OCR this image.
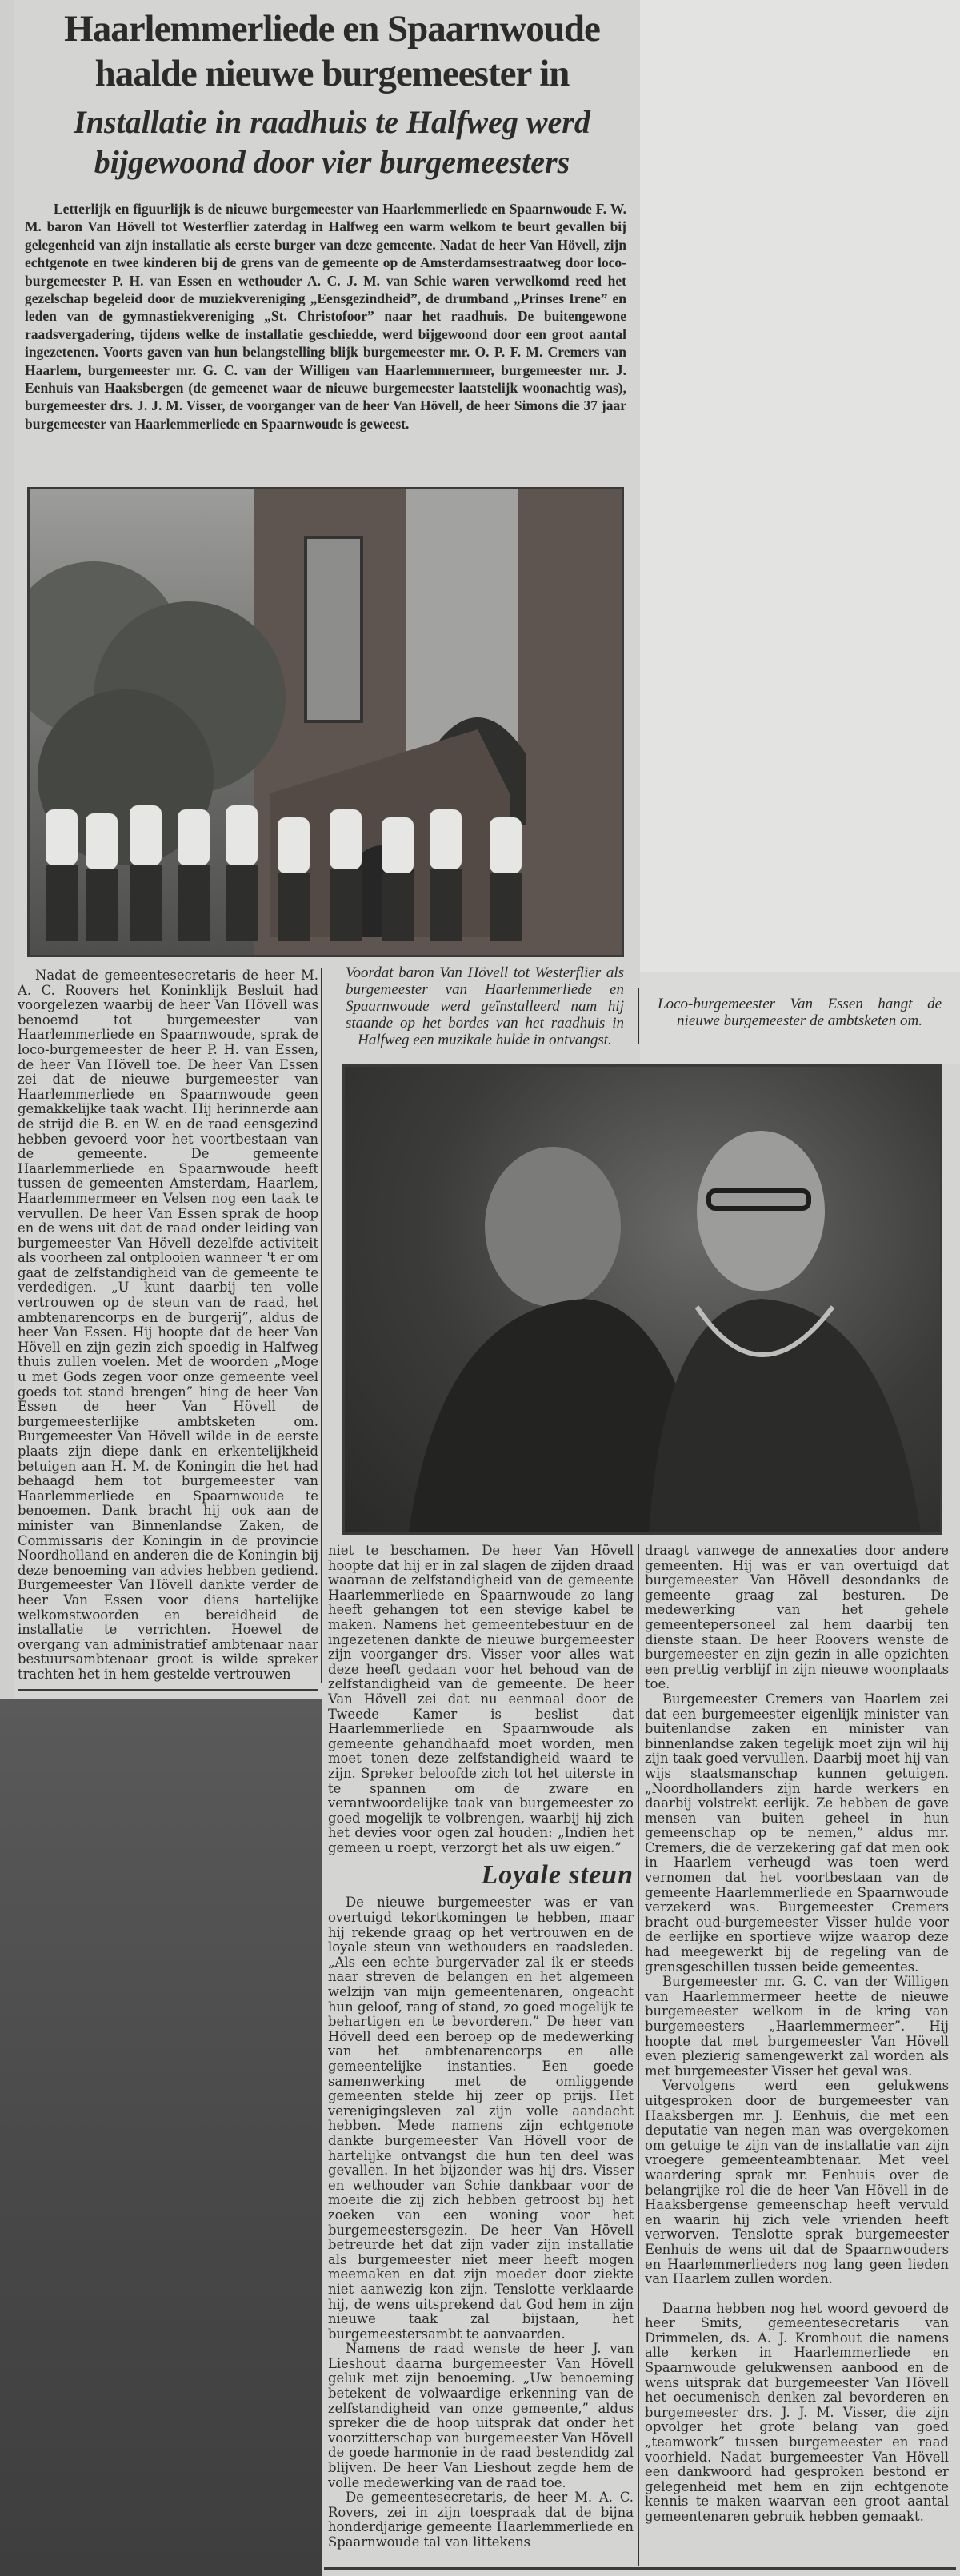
Haarlemmerliede en Spaarnwoude
haalde nieuwe burgemeester in
Installatie in raadhuis te Halfweg werd
bijgewoond door vier burgemeesters
Letterlijk en figuurlijk is de nieuwe burgemeester van Haarlemmerliede en Spaarnwoude F. W. M. baron Van Hövell tot Westerflier zaterdag in Halfweg een warm welkom te beurt gevallen bij gelegenheid van zijn installatie als eerste burger van deze gemeente. Nadat de heer Van Hövell, zijn echtgenote en twee kinderen bij de grens van de gemeente op de Amsterdamsestraatweg door loco-burgemeester P. H. van Essen en wethouder A. C. J. M. van Schie waren verwelkomd reed het gezelschap begeleid door de muziekvereniging „Eensgezindheid”, de drumband „Prinses Irene” en leden van de gymnastiekvereniging „St. Christofoor” naar het raadhuis. De buitengewone raadsvergadering, tijdens welke de installatie geschiedde, werd bijgewoond door een groot aantal ingezetenen. Voorts gaven van hun belangstelling blijk burgemeester mr. O. P. F. M. Cremers van Haarlem, burgemeester mr. G. C. van der Willigen van Haarlemmermeer, burgemeester mr. J. Eenhuis van Haaksbergen (de gemeenet waar de nieuwe burgemeester laatstelijk woonachtig was), burgemeester drs. J. J. M. Visser, de voorganger van de heer Van Hövell, de heer Simons die 37 jaar burgemeester van Haarlemmerliede en Spaarnwoude is geweest.
Voordat baron Van Hövell tot Westerflier als burgemeester van Haarlemmerliede en Spaarnwoude werd geïnstalleerd nam hij staande op het bordes van het raadhuis in Halfweg een muzikale hulde in ontvangst.
Loco-burgemeester Van Essen hangt de nieuwe burgemeester de ambtsketen om.

Nadat de gemeentesecretaris de heer M. A. C. Roovers het Koninklijk Besluit had voorgelezen waarbij de heer Van Hövell was benoemd tot burgemeester van Haarlemmerliede en Spaarnwoude, sprak de loco-burgemeester de heer P. H. van Essen, de heer Van Hövell toe. De heer Van Essen zei dat de nieuwe burgemeester van Haarlemmerliede en Spaarnwoude geen gemakkelijke taak wacht. Hij herinnerde aan de strijd die B. en W. en de raad eensgezind hebben gevoerd voor het voortbestaan van de gemeente. De gemeente Haarlemmerliede en Spaarnwoude heeft tussen de gemeenten Amsterdam, Haarlem, Haarlemmermeer en Velsen nog een taak te vervullen. De heer Van Essen sprak de hoop en de wens uit dat de raad onder leiding van burgemeester Van Hövell dezelfde activiteit als voorheen zal ontplooien wanneer 't er om gaat de zelfstandigheid van de gemeente te verdedigen. „U kunt daarbij ten volle vertrouwen op de steun van de raad, het ambtenarencorps en de burgerij”, aldus de heer Van Essen. Hij hoopte dat de heer Van Hövell en zijn gezin zich spoedig in Halfweg thuis zullen voelen. Met de woorden „Moge u met Gods zegen voor onze gemeente veel goeds tot stand brengen” hing de heer Van Essen de heer Van Hövell de burgemeesterlijke ambtsketen om. Burgemeester Van Hövell wilde in de eerste plaats zijn diepe dank en erkentelijkheid betuigen aan H. M. de Koningin die het had behaagd hem tot burgemeester van Haarlemmerliede en Spaarnwoude te benoemen. Dank bracht hij ook aan de minister van Binnenlandse Zaken, de Commissaris der Koningin in de provincie Noordholland en anderen die de Koningin bij deze benoeming van advies hebben gediend. Burgemeester Van Hövell dankte verder de heer Van Essen voor diens hartelijke welkomstwoorden en bereidheid de installatie te verrichten. Hoewel de overgang van administratief ambtenaar naar bestuursambtenaar groot is wilde spreker trachten het in hem gestelde vertrouwen

niet te beschamen. De heer Van Hövell hoopte dat hij er in zal slagen de zijden draad waaraan de zelfstandigheid van de gemeente Haarlemmerliede en Spaarnwoude zo lang heeft gehangen tot een stevige kabel te maken. Namens het gemeentebestuur en de ingezetenen dankte de nieuwe burgemeester zijn voorganger drs. Visser voor alles wat deze heeft gedaan voor het behoud van de zelfstandigheid van de gemeente. De heer Van Hövell zei dat nu eenmaal door de Tweede Kamer is beslist dat Haarlemmerliede en Spaarnwoude als gemeente gehandhaafd moet worden, men moet tonen deze zelfstandigheid waard te zijn. Spreker beloofde zich tot het uiterste in te spannen om de zware en verantwoordelijke taak van burgemeester zo goed mogelijk te volbrengen, waarbij hij zich het devies voor ogen zal houden: „Indien het gemeen u roept, verzorgt het als uw eigen.”

Loyale steun

De nieuwe burgemeester was er van overtuigd tekortkomingen te hebben, maar hij rekende graag op het vertrouwen en de loyale steun van wethouders en raadsleden. „Als een echte burgervader zal ik er steeds naar streven de belangen en het algemeen welzijn van mijn gemeentenaren, ongeacht hun geloof, rang of stand, zo goed mogelijk te behartigen en te bevorderen.” De heer van Hövell deed een beroep op de medewerking van het ambtenarencorps en alle gemeentelijke instanties. Een goede samenwerking met de omliggende gemeenten stelde hij zeer op prijs. Het verenigingsleven zal zijn volle aandacht hebben. Mede namens zijn echtgenote dankte burgemeester Van Hövell voor de hartelijke ontvangst die hun ten deel was gevallen. In het bijzonder was hij drs. Visser en wethouder van Schie dankbaar voor de moeite die zij zich hebben getroost bij het zoeken van een woning voor het burgemeestersgezin. De heer Van Hövell betreurde het dat zijn vader zijn installatie als burgemeester niet meer heeft mogen meemaken en dat zijn moeder door ziekte niet aanwezig kon zijn. Tenslotte verklaarde hij, de wens uitsprekend dat God hem in zijn nieuwe taak zal bijstaan, het burgemeestersambt te aanvaarden.

Namens de raad wenste de heer J. van Lieshout daarna burgemeester Van Hövell geluk met zijn benoeming. „Uw benoeming betekent de volwaardige erkenning van de zelfstandigheid van onze gemeente,” aldus spreker die de hoop uitsprak dat onder het voorzitterschap van burgemeester Van Hövell de goede harmonie in de raad bestendidg zal blijven. De heer Van Lieshout zegde hem de volle medewerking van de raad toe.

De gemeentesecretaris, de heer M. A. C. Rovers, zei in zijn toespraak dat de bijna honderdjarige gemeente Haarlemmerliede en Spaarnwoude tal van littekens

draagt vanwege de annexaties door andere gemeenten. Hij was er van overtuigd dat burgemeester Van Hövell desondanks de gemeente graag zal besturen. De medewerking van het gehele gemeentepersoneel zal hem daarbij ten dienste staan. De heer Roovers wenste de burgemeester en zijn gezin in alle opzichten een prettig verblijf in zijn nieuwe woonplaats toe.

Burgemeester Cremers van Haarlem zei dat een burgemeester eigenlijk minister van buitenlandse zaken en minister van binnenlandse zaken tegelijk moet zijn wil hij zijn taak goed vervullen. Daarbij moet hij van wijs staatsmanschap kunnen getuigen. „Noordhollanders zijn harde werkers en daarbij volstrekt eerlijk. Ze hebben de gave mensen van buiten geheel in hun gemeenschap op te nemen,” aldus mr. Cremers, die de verzekering gaf dat men ook in Haarlem verheugd was toen werd vernomen dat het voortbestaan van de gemeente Haarlemmerliede en Spaarnwoude verzekerd was. Burgemeester Cremers bracht oud-burgemeester Visser hulde voor de eerlijke en sportieve wijze waarop deze had meegewerkt bij de regeling van de grensgeschillen tussen beide gemeentes.

Burgemeester mr. G. C. van der Willigen van Haarlemmermeer heette de nieuwe burgemeester welkom in de kring van burgemeesters „Haarlemmermeer”. Hij hoopte dat met burgemeester Van Hövell even plezierig samengewerkt zal worden als met burgemeester Visser het geval was.

Vervolgens werd een gelukwens uitgesproken door de burgemeester van Haaksbergen mr. J. Eenhuis, die met een deputatie van negen man was overgekomen om getuige te zijn van de installatie van zijn vroegere gemeenteambtenaar. Met veel waardering sprak mr. Eenhuis over de belangrijke rol die de heer Van Hövell in de Haaksbergense gemeenschap heeft vervuld en waarin hij zich vele vrienden heeft verworven. Tenslotte sprak burgemeester Eenhuis de wens uit dat de Spaarnwouders en Haarlemmerlieders nog lang geen lieden van Haarlem zullen worden.

Daarna hebben nog het woord gevoerd de heer Smits, gemeentesecretaris van Drimmelen, ds. A. J. Kromhout die namens alle kerken in Haarlemmerliede en Spaarnwoude gelukwensen aanbood en de wens uitsprak dat burgemeester Van Hövell het oecumenisch denken zal bevorderen en burgemeester drs. J. J. M. Visser, die zijn opvolger het grote belang van goed „teamwork” tussen burgemeester en raad voorhield. Nadat burgemeester Van Hövell een dankwoord had gesproken bestond er gelegenheid met hem en zijn echtgenote kennis te maken waarvan een groot aantal gemeentenaren gebruik hebben gemaakt.
